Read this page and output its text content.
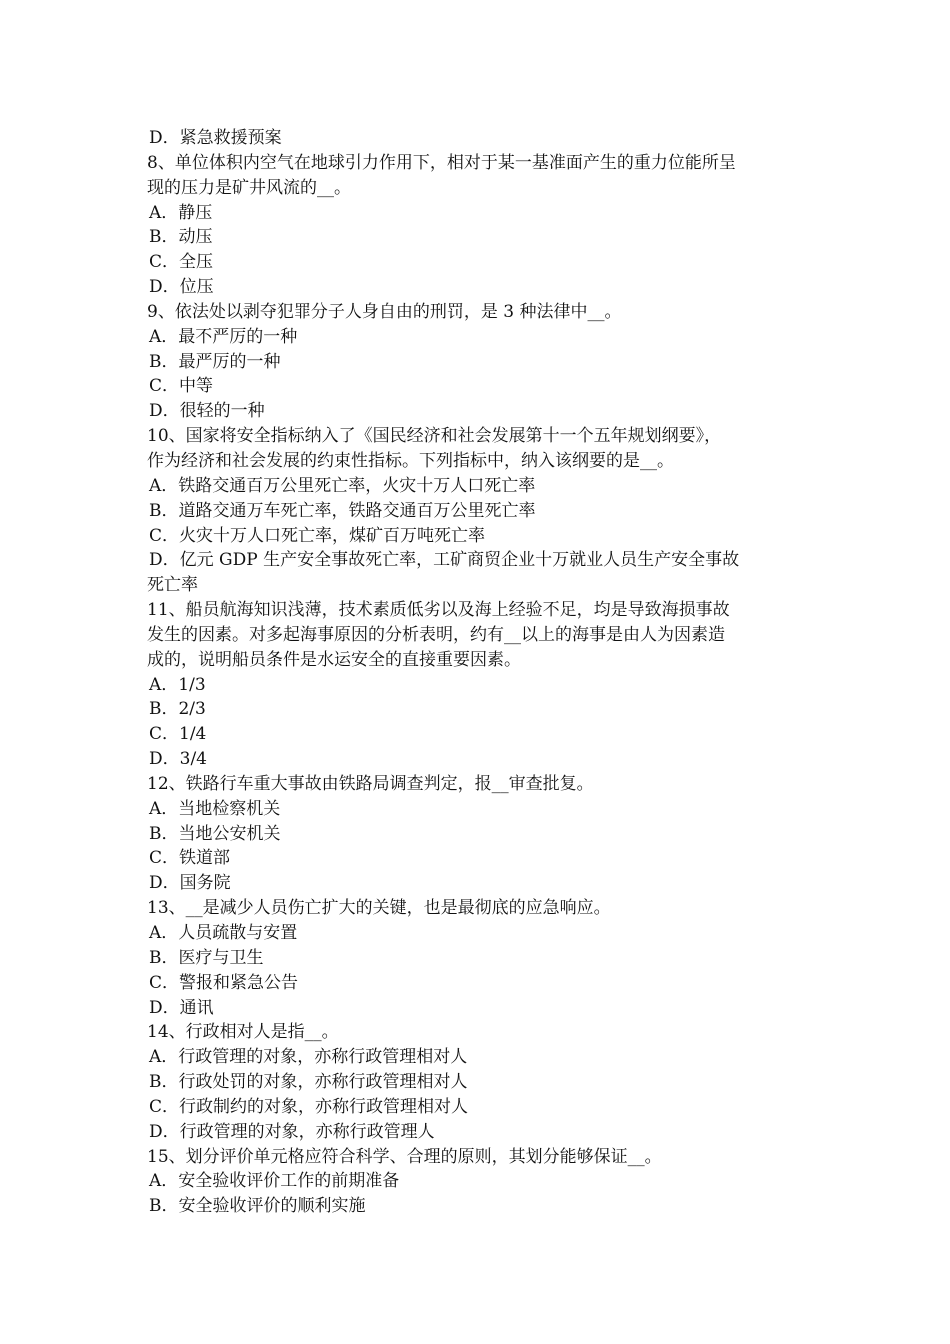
D．紧急救援预案

8、单位体积内空气在地球引力作用下，相对于某一基准面产生的重力位能所呈

现的压力是矿井风流的__。

A．静压

B．动压

C．全压

D．位压

9、依法处以剥夺犯罪分子人身自由的刑罚，是 3 种法律中__。

A．最不严厉的一种

B．最严厉的一种

C．中等

D．很轻的一种

10、国家将安全指标纳入了《国民经济和社会发展第十一个五年规划纲要》，

作为经济和社会发展的约束性指标。下列指标中，纳入该纲要的是__。

A．铁路交通百万公里死亡率，火灾十万人口死亡率

B．道路交通万车死亡率，铁路交通百万公里死亡率

C．火灾十万人口死亡率，煤矿百万吨死亡率

D．亿元 GDP 生产安全事故死亡率，工矿商贸企业十万就业人员生产安全事故

死亡率

11、船员航海知识浅薄，技术素质低劣以及海上经验不足，均是导致海损事故

发生的因素。对多起海事原因的分析表明，约有__以上的海事是由人为因素造

成的，说明船员条件是水运安全的直接重要因素。

A．1/3

B．2/3

C．1/4

D．3/4

12、铁路行车重大事故由铁路局调查判定，报__审查批复。

A．当地检察机关

B．当地公安机关

C．铁道部

D．国务院

13、__是减少人员伤亡扩大的关键，也是最彻底的应急响应。

A．人员疏散与安置

B．医疗与卫生

C．警报和紧急公告

D．通讯

14、行政相对人是指__。

A．行政管理的对象，亦称行政管理相对人

B．行政处罚的对象，亦称行政管理相对人

C．行政制约的对象，亦称行政管理相对人

D．行政管理的对象，亦称行政管理人

15、划分评价单元格应符合科学、合理的原则，其划分能够保证__。

A．安全验收评价工作的前期准备

B．安全验收评价的顺利实施
